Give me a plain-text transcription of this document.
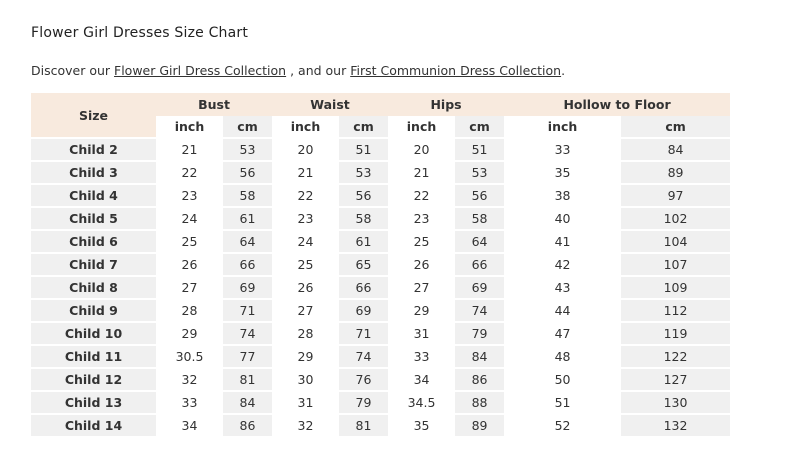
Flower Girl Dresses Size Chart

Discover our Flower Girl Dress Collection , and our First Communion Dress Collection.

Size	Bust		Waist		Hips		Hollow to Floor	
	inch	cm	inch	cm	inch	cm	inch	cm
Child 2	21	53	20	51	20	51	33	84
Child 3	22	56	21	53	21	53	35	89
Child 4	23	58	22	56	22	56	38	97
Child 5	24	61	23	58	23	58	40	102
Child 6	25	64	24	61	25	64	41	104
Child 7	26	66	25	65	26	66	42	107
Child 8	27	69	26	66	27	69	43	109
Child 9	28	71	27	69	29	74	44	112
Child 10	29	74	28	71	31	79	47	119
Child 11	30.5	77	29	74	33	84	48	122
Child 12	32	81	30	76	34	86	50	127
Child 13	33	84	31	79	34.5	88	51	130
Child 14	34	86	32	81	35	89	52	132
